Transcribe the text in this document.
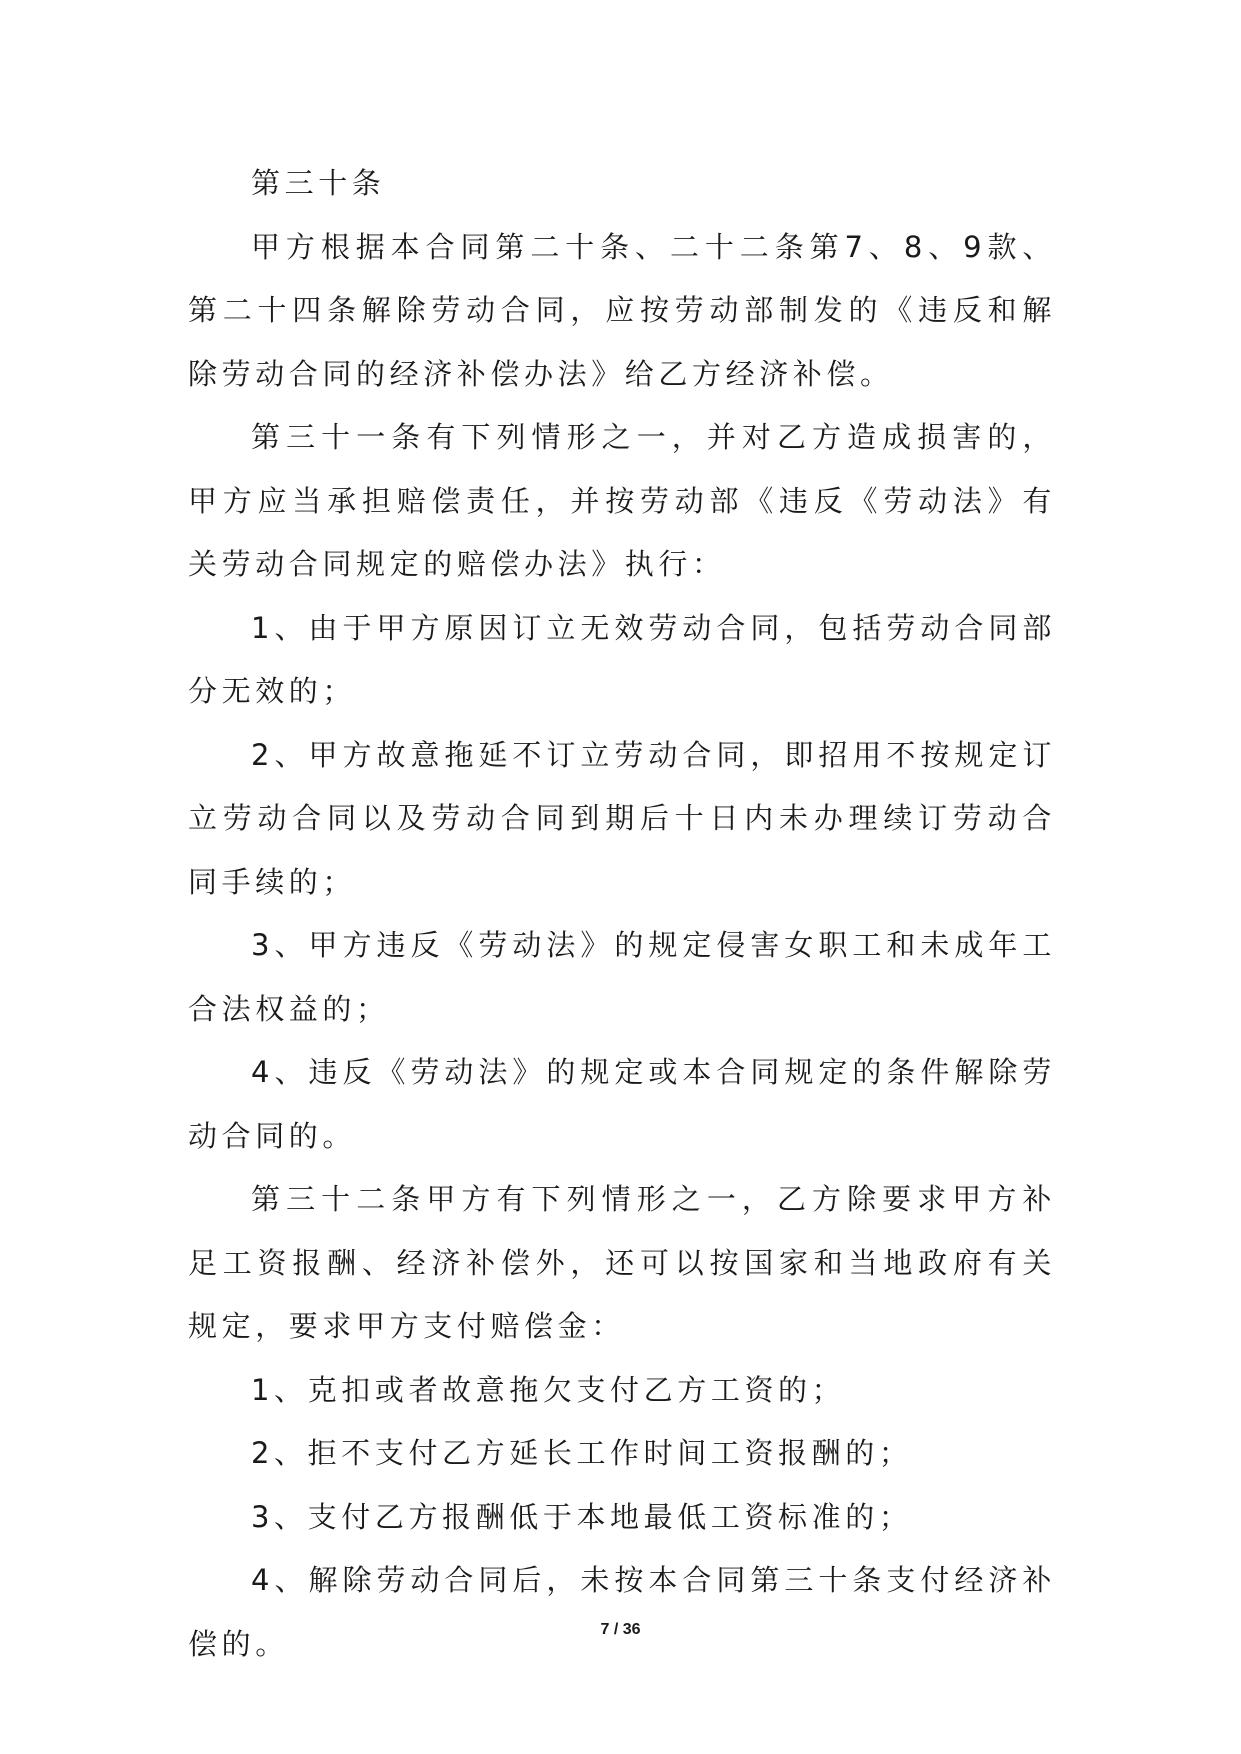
第三十条

甲方根据本合同第二十条、二十二条第7、8、9款、第二十四条解除劳动合同，应按劳动部制发的《违反和解除劳动合同的经济补偿办法》给乙方经济补偿。

第三十一条有下列情形之一，并对乙方造成损害的，甲方应当承担赔偿责任，并按劳动部《违反《劳动法》有关劳动合同规定的赔偿办法》执行：

1、由于甲方原因订立无效劳动合同，包括劳动合同部分无效的；

2、甲方故意拖延不订立劳动合同，即招用不按规定订立劳动合同以及劳动合同到期后十日内未办理续订劳动合同手续的；

3、甲方违反《劳动法》的规定侵害女职工和未成年工合法权益的；

4、违反《劳动法》的规定或本合同规定的条件解除劳动合同的。

第三十二条甲方有下列情形之一，乙方除要求甲方补足工资报酬、经济补偿外，还可以按国家和当地政府有关规定，要求甲方支付赔偿金：

1、克扣或者故意拖欠支付乙方工资的；

2、拒不支付乙方延长工作时间工资报酬的；

3、支付乙方报酬低于本地最低工资标准的；

4、解除劳动合同后，未按本合同第三十条支付经济补偿的。	7 / 36
